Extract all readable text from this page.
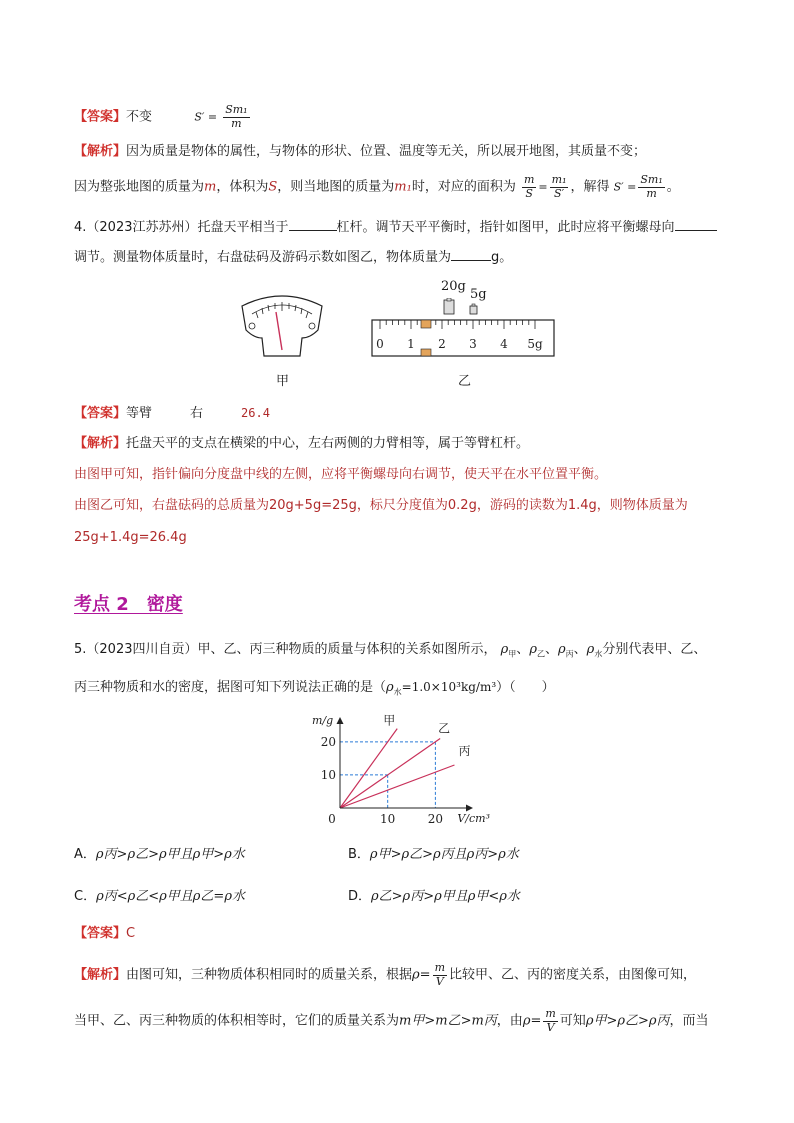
【答案】不变	$S' = \frac{\text{Sm₁}}{m}$
【解析】因为质量是物体的属性，与物体的形状、位置、温度等无关，所以展开地图，其质量不变；
因为整张地图的质量为m，体积为S，则当地图的质量为m₁时，对应的面积为 $\frac{m}{S} = \frac{\text{m₁}}{S'}$ ，解得 $S' = \frac{\text{Sm₁}}{m}$ 。
4.（2023江苏苏州）托盘天平相当于	杠杆。调节天平平衡时，指针如图甲，此时应将平衡螺母向
调节。测量物体质量时，右盘砝码及游码示数如图乙，物体质量为	g。
甲
20g
5g
0 1 2 3 4 5g
乙
【答案】等臂	右	26.4
【解析】托盘天平的支点在横梁的中心，左右两侧的力臂相等，属于等臂杠杆。
由图甲可知，指针偏向分度盘中线的左侧，应将平衡螺母向右调节，使天平在水平位置平衡。
由图乙可知，右盘砝码的总质量为20g+5g=25g，标尺分度值为0.2g，游码的读数为1.4g，则物体质量为
25g+1.4g=26.4g
考点 2　密度
5.（2023四川自贡）甲、乙、丙三种物质的质量与体积的关系如图所示， $\rho_甲$、$\rho_乙$、$\rho_丙$、$\rho_水$分别代表甲、乙、
丙三种物质和水的密度，据图可知下列说法正确的是$(\rho_水=1.0\times 10^3kg/m^3)$（　　）
甲
乙
丙
0	10	20
10
20
V/cm³
m/g
A．ρ丙>ρ乙>ρ甲且ρ甲>ρ水	B．ρ甲>ρ乙>ρ丙且ρ丙>ρ水
C．ρ丙<ρ乙<ρ甲且ρ乙=ρ水	D．ρ乙>ρ丙>ρ甲且ρ甲<ρ水
【答案】C
【解析】由图可知，三种物质体积相同时的质量关系，根据$\rho= \frac{m}{V}$ 比较甲、乙、丙的密度关系，由图像可知，
当甲、乙、丙三种物质的体积相等时，它们的质量关系为m甲>m乙>m丙，由$\rho= \frac{m}{V}$ 可知ρ甲>ρ乙>ρ丙，而当
